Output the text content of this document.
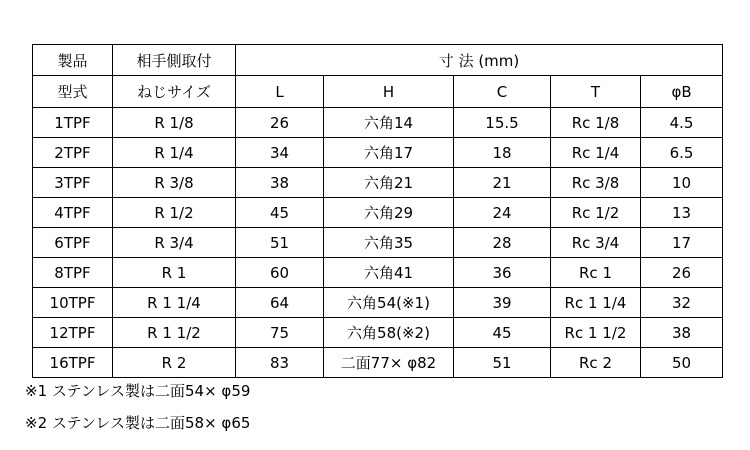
製品	相手側取付	寸 法 (mm)				
型式	ねじサイズ	L	H	C	T	φB
1TPF	R 1/8	26	六角14	15.5	Rc 1/8	4.5
2TPF	R 1/4	34	六角17	18	Rc 1/4	6.5
3TPF	R 3/8	38	六角21	21	Rc 3/8	10
4TPF	R 1/2	45	六角29	24	Rc 1/2	13
6TPF	R 3/4	51	六角35	28	Rc 3/4	17
8TPF	R 1	60	六角41	36	Rc 1	26
10TPF	R 1 1/4	64	六角54(※1)	39	Rc 1 1/4	32
12TPF	R 1 1/2	75	六角58(※2)	45	Rc 1 1/2	38
16TPF	R 2	83	二面77× φ82	51	Rc 2	50
※1 ステンレス製は二面54× φ59
※2 ステンレス製は二面58× φ65
